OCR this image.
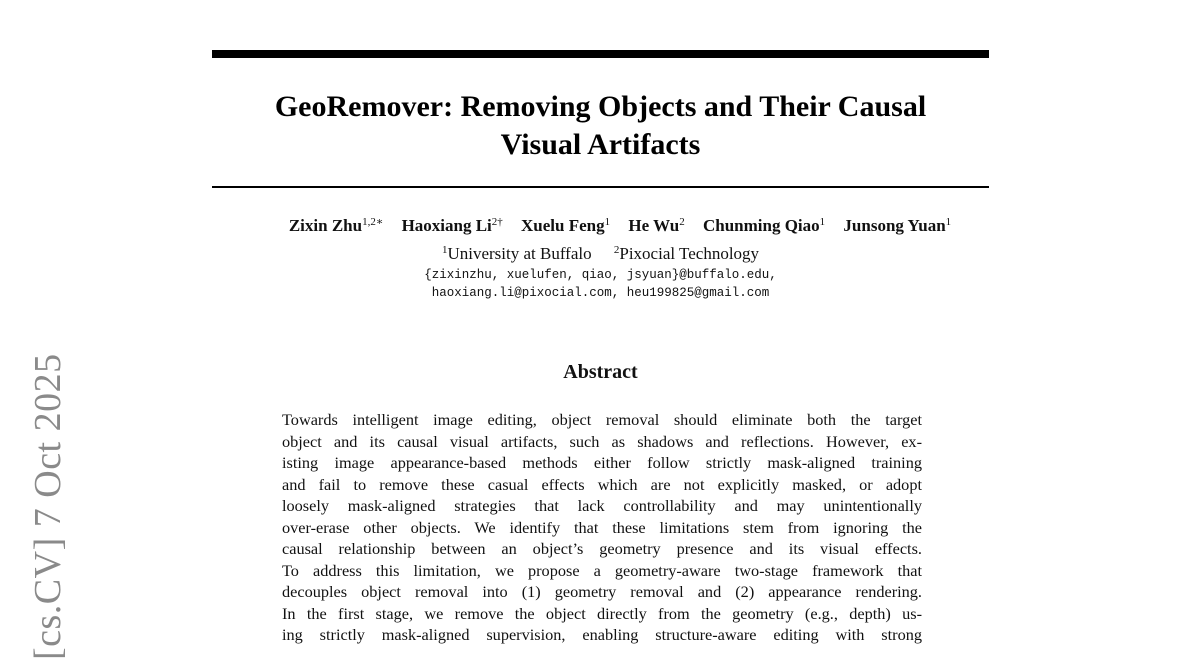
[cs.CV] 7 Oct 2025
GeoRemover: Removing Objects and Their Causal
Visual Artifacts
Zixin Zhu$^{1,2∗}$ Haoxiang $Li^{2\dagger}$ Xuelu Feng$^1$ He Wu$^2$ Chunming Qiao$^1$ Junsong Yuan$^1$
$^1$University at Buffalo $^2$Pixocial Technology
{zixinzhu, xuelufen, qiao, jsyuan}@buffalo.edu,
haoxiang.li@pixocial.com, heu199825@gmail.com
Abstract
Towards intelligent image editing, object removal should eliminate both the target
object and its causal visual artifacts, such as shadows and reflections. However, ex-
isting image appearance-based methods either follow strictly mask-aligned training
and fail to remove these casual effects which are not explicitly masked, or adopt
loosely mask-aligned strategies that lack controllability and may unintentionally
over-erase other objects. We identify that these limitations stem from ignoring the
causal relationship between an object’s geometry presence and its visual effects.
To address this limitation, we propose a geometry-aware two-stage framework that
decouples object removal into (1) geometry removal and (2) appearance rendering.
In the first stage, we remove the object directly from the geometry (e.g., depth) us-
ing strictly mask-aligned supervision, enabling structure-aware editing with strong
